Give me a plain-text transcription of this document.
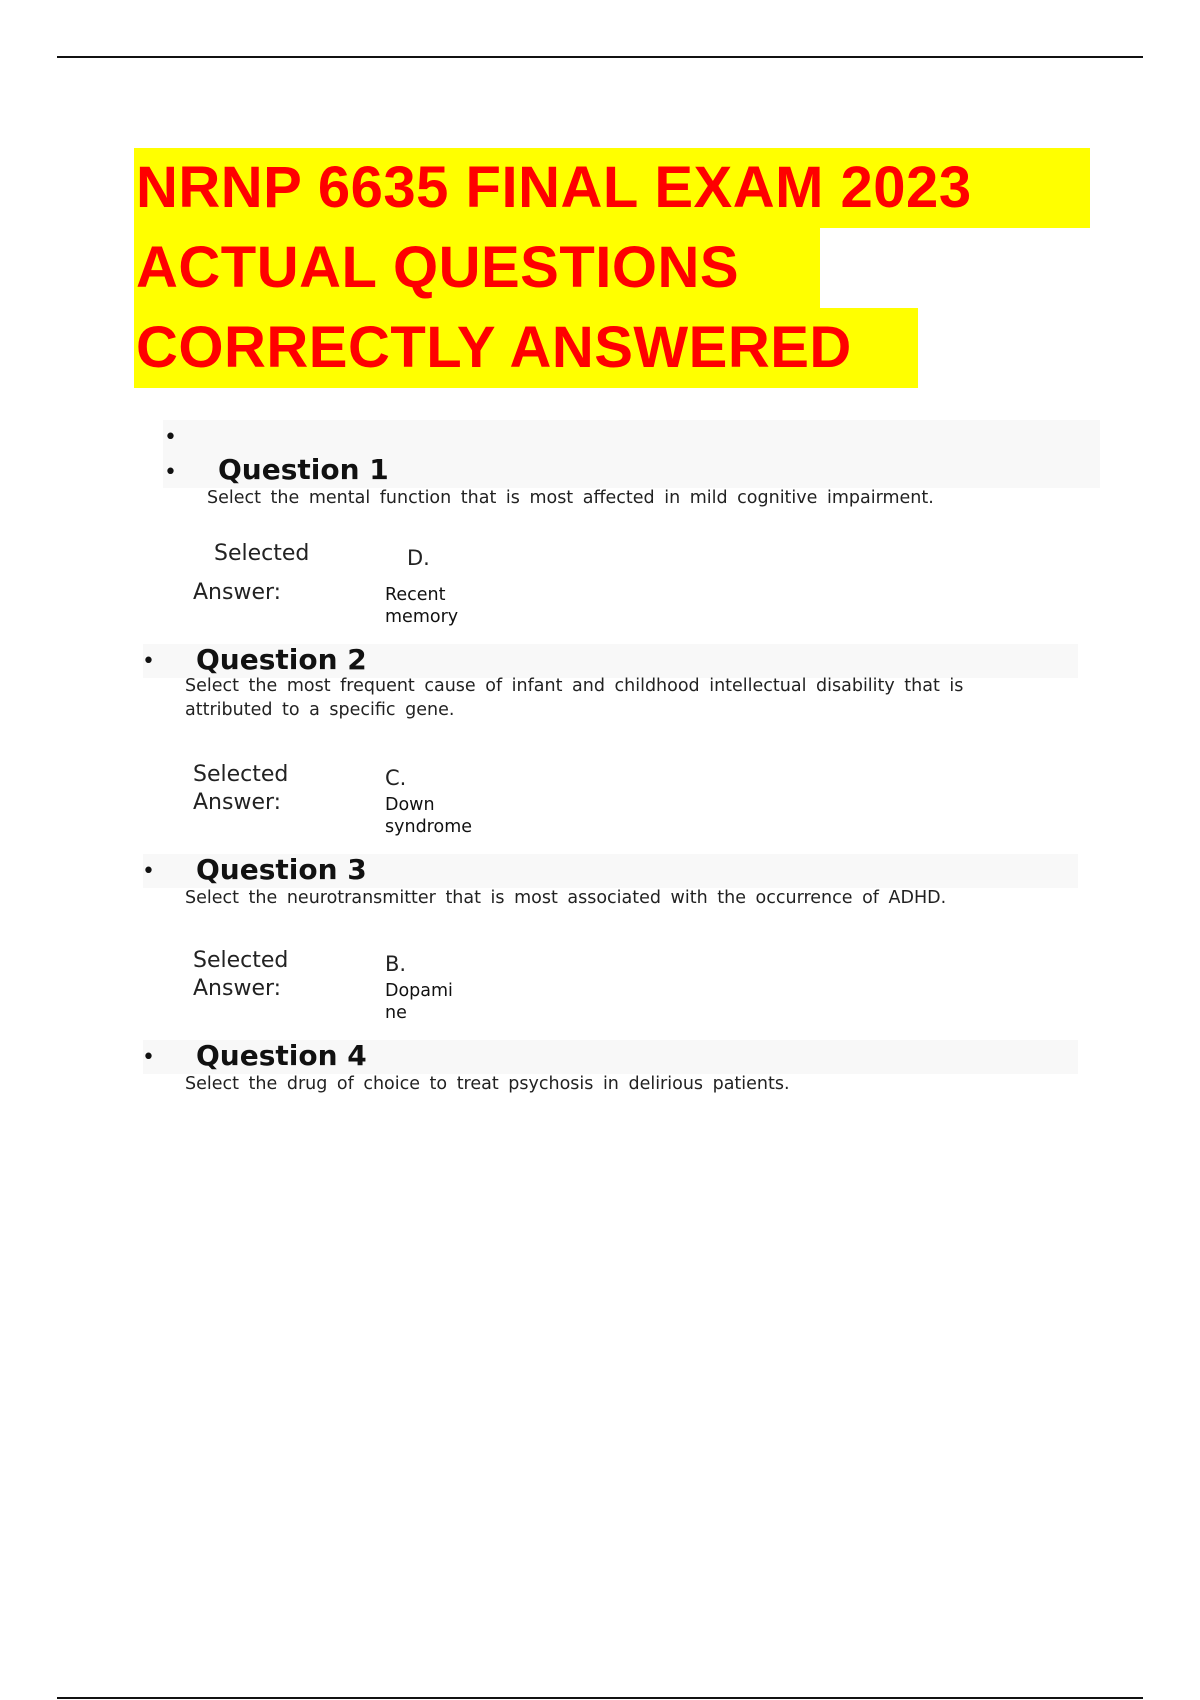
NRNP 6635 FINAL EXAM 2023
ACTUAL QUESTIONS
CORRECTLY ANSWERED
•
• Question 1
Select the mental function that is most affected in mild cognitive impairment.
Selected
Answer:
D.
Recent
memory
• Question 2
Select the most frequent cause of infant and childhood intellectual disability that is attributed to a specific gene.
Selected
Answer:
C.
Down
syndrome
• Question 3
Select the neurotransmitter that is most associated with the occurrence of ADHD.
Selected
Answer:
B.
Dopami
ne
• Question 4
Select the drug of choice to treat psychosis in delirious patients.
